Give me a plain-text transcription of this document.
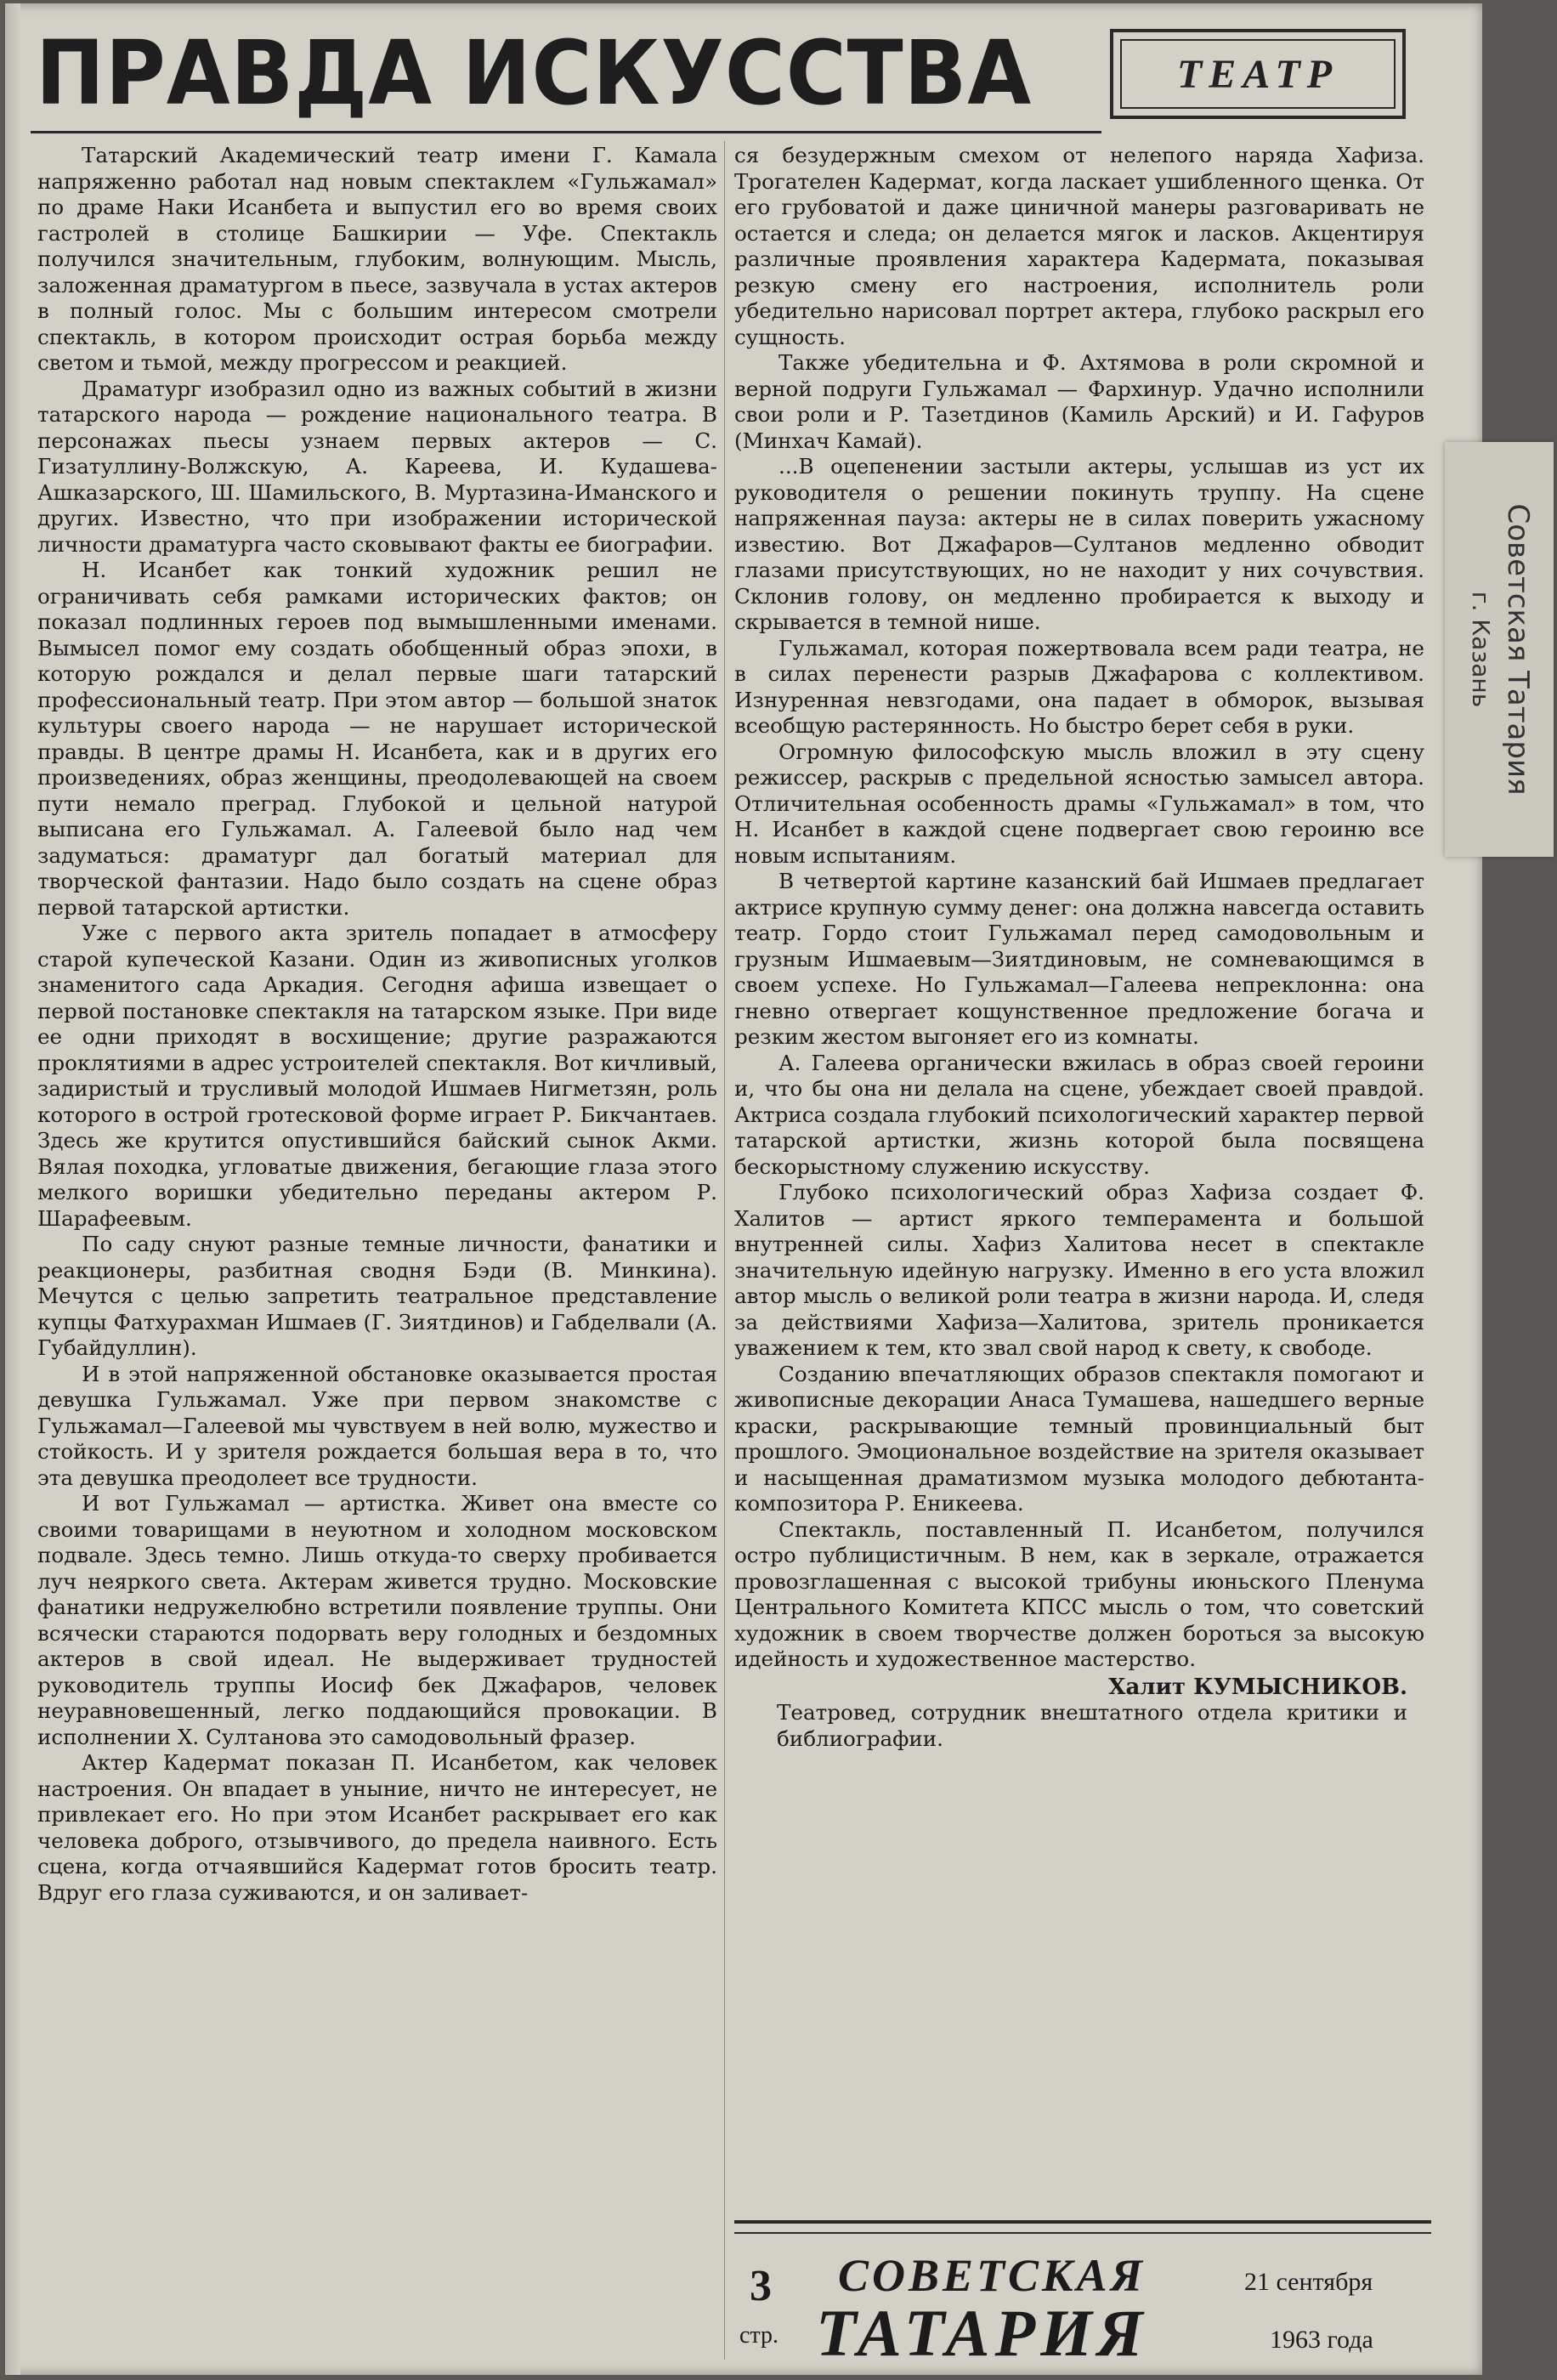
ПРАВДА ИСКУССТВА	ТЕАТР

Татарский Академический театр имени Г. Камала напряженно работал над новым спектаклем «Гульжамал» по драме Наки Исанбета и выпустил его во время своих гастролей в столице Башкирии — Уфе. Спектакль получился значительным, глубоким, волнующим. Мысль, заложенная драматургом в пьесе, зазвучала в устах актеров в полный голос. Мы с большим интересом смотрели спектакль, в котором происходит острая борьба между светом и тьмой, между прогрессом и реакцией.

Драматург изобразил одно из важных событий в жизни татарского народа — рождение национального театра. В персонажах пьесы узнаем первых актеров — С. Гизатуллину-Волжскую, А. Кареева, И. Кудашева-Ашказарского, Ш. Шамильского, В. Муртазина-Иманского и других. Известно, что при изображении исторической личности драматурга часто сковывают факты ее биографии.

Н. Исанбет как тонкий художник решил не ограничивать себя рамками исторических фактов; он показал подлинных героев под вымышленными именами. Вымысел помог ему создать обобщенный образ эпохи, в которую рождался и делал первые шаги татарский профессиональный театр. При этом автор — большой знаток культуры своего народа — не нарушает исторической правды. В центре драмы Н. Исанбета, как и в других его произведениях, образ женщины, преодолевающей на своем пути немало преград. Глубокой и цельной натурой выписана его Гульжамал. А. Галеевой было над чем задуматься: драматург дал богатый материал для творческой фантазии. Надо было создать на сцене образ первой татарской артистки.

Уже с первого акта зритель попадает в атмосферу старой купеческой Казани. Один из живописных уголков знаменитого сада Аркадия. Сегодня афиша извещает о первой постановке спектакля на татарском языке. При виде ее одни приходят в восхищение; другие разражаются проклятиями в адрес устроителей спектакля. Вот кичливый, задиристый и трусливый молодой Ишмаев Нигметзян, роль которого в острой гротесковой форме играет Р. Бикчантаев. Здесь же крутится опустившийся байский сынок Акми. Вялая походка, угловатые движения, бегающие глаза этого мелкого воришки убедительно переданы актером Р. Шарафеевым.

По саду снуют разные темные личности, фанатики и реакционеры, разбитная сводня Бэди (В. Минкина). Мечутся с целью запретить театральное представление купцы Фатхурахман Ишмаев (Г. Зиятдинов) и Габделвали (А. Губайдуллин).

И в этой напряженной обстановке оказывается простая девушка Гульжамал. Уже при первом знакомстве с Гульжамал—Галеевой мы чувствуем в ней волю, мужество и стойкость. И у зрителя рождается большая вера в то, что эта девушка преодолеет все трудности.

И вот Гульжамал — артистка. Живет она вместе со своими товарищами в неуютном и холодном московском подвале. Здесь темно. Лишь откуда-то сверху пробивается луч неяркого света. Актерам живется трудно. Московские фанатики недружелюбно встретили появление труппы. Они всячески стараются подорвать веру голодных и бездомных актеров в свой идеал. Не выдерживает трудностей руководитель труппы Иосиф бек Джафаров, человек неуравновешенный, легко поддающийся провокации. В исполнении Х. Султанова это самодовольный фразер.

Актер Кадермат показан П. Исанбетом, как человек настроения. Он впадает в уныние, ничто не интересует, не привлекает его. Но при этом Исанбет раскрывает его как человека доброго, отзывчивого, до предела наивного. Есть сцена, когда отчаявшийся Кадермат готов бросить театр. Вдруг его глаза суживаются, и он заливает-

ся безудержным смехом от нелепого наряда Хафиза. Трогателен Кадермат, когда ласкает ушибленного щенка. От его грубоватой и даже циничной манеры разговаривать не остается и следа; он делается мягок и ласков. Акцентируя различные проявления характера Кадермата, показывая резкую смену его настроения, исполнитель роли убедительно нарисовал портрет актера, глубоко раскрыл его сущность.

Также убедительна и Ф. Ахтямова в роли скромной и верной подруги Гульжамал — Фархинур. Удачно исполнили свои роли и Р. Тазетдинов (Камиль Арский) и И. Гафуров (Минхач Камай).

...В оцепенении застыли актеры, услышав из уст их руководителя о решении покинуть труппу. На сцене напряженная пауза: актеры не в силах поверить ужасному известию. Вот Джафаров—Султанов медленно обводит глазами присутствующих, но не находит у них сочувствия. Склонив голову, он медленно пробирается к выходу и скрывается в темной нише.

Гульжамал, которая пожертвовала всем ради театра, не в силах перенести разрыв Джафарова с коллективом. Изнуренная невзгодами, она падает в обморок, вызывая всеобщую растерянность. Но быстро берет себя в руки.

Огромную философскую мысль вложил в эту сцену режиссер, раскрыв с предельной ясностью замысел автора. Отличительная особенность драмы «Гульжамал» в том, что Н. Исанбет в каждой сцене подвергает свою героиню все новым испытаниям.

В четвертой картине казанский бай Ишмаев предлагает актрисе крупную сумму денег: она должна навсегда оставить театр. Гордо стоит Гульжамал перед самодовольным и грузным Ишмаевым—Зиятдиновым, не сомневающимся в своем успехе. Но Гульжамал—Галеева непреклонна: она гневно отвергает кощунственное предложение богача и резким жестом выгоняет его из комнаты.

А. Галеева органически вжилась в образ своей героини и, что бы она ни делала на сцене, убеждает своей правдой. Актриса создала глубокий психологический характер первой татарской артистки, жизнь которой была посвящена бескорыстному служению искусству.

Глубоко психологический образ Хафиза создает Ф. Халитов — артист яркого темперамента и большой внутренней силы. Хафиз Халитова несет в спектакле значительную идейную нагрузку. Именно в его уста вложил автор мысль о великой роли театра в жизни народа. И, следя за действиями Хафиза—Халитова, зритель проникается уважением к тем, кто звал свой народ к свету, к свободе.

Созданию впечатляющих образов спектакля помогают и живописные декорации Анаса Тумашева, нашедшего верные краски, раскрывающие темный провинциальный быт прошлого. Эмоциональное воздействие на зрителя оказывает и насыщенная драматизмом музыка молодого дебютанта-композитора Р. Еникеева.

Спектакль, поставленный П. Исанбетом, получился остро публицистичным. В нем, как в зеркале, отражается провозглашенная с высокой трибуны июньского Пленума Центрального Комитета КПСС мысль о том, что советский художник в своем творчестве должен бороться за высокую идейность и художественное мастерство.

Халит КУМЫСНИКОВ.

Театровед, сотрудник внештатного отдела критики и библиографии.

3
стр.
СОВЕТСКАЯ
ТАТАРИЯ
21 сентября
1963 года
Советская Татария
г. Казань
